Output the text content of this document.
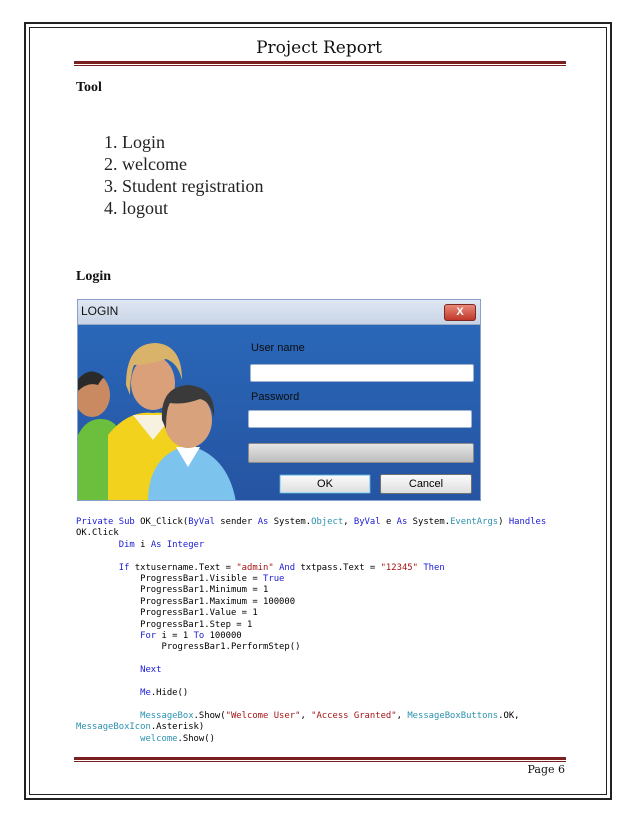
Project Report
Tool
1. Login
2. welcome
3. Student registration
4. logout
Login
LOGIN	X
User name
Password
OK	Cancel
Private Sub OK_Click(ByVal sender As System.Object, ByVal e As System.EventArgs) Handles
OK.Click
Dim i As Integer

If txtusername.Text = "admin" And txtpass.Text = "12345" Then
ProgressBar1.Visible = True
ProgressBar1.Minimum = 1
ProgressBar1.Maximum = 100000
ProgressBar1.Value = 1
ProgressBar1.Step = 1
For i = 1 To 100000
ProgressBar1.PerformStep()

Next

Me.Hide()

MessageBox.Show("Welcome User", "Access Granted", MessageBoxButtons.OK,
MessageBoxIcon.Asterisk)
welcome.Show()

Page 6
